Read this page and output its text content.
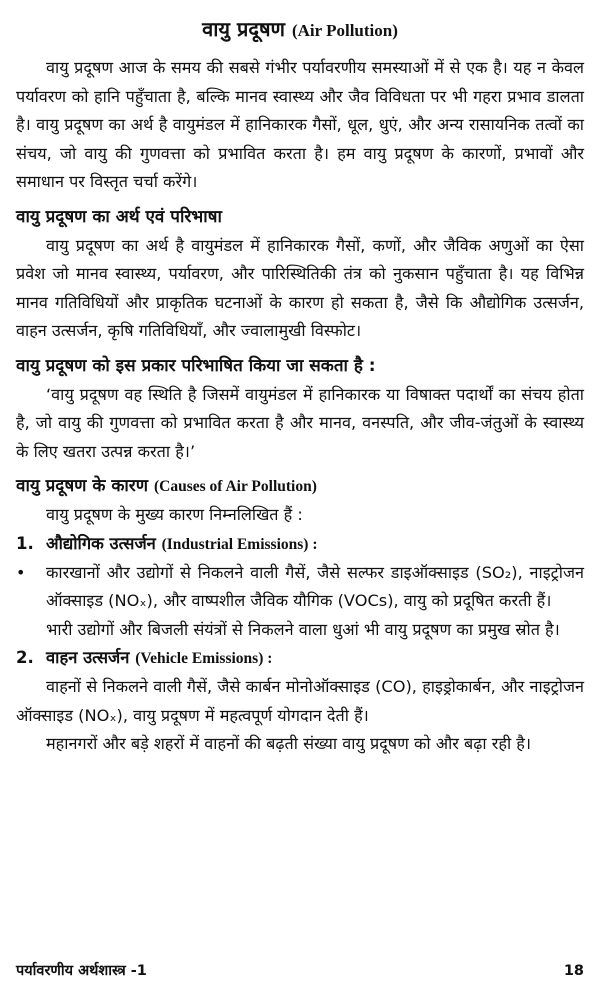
वायु प्रदूषण (Air Pollution)

वायु प्रदूषण आज के समय की सबसे गंभीर पर्यावरणीय समस्याओं में से एक है। यह न केवल पर्यावरण को हानि पहुँचाता है, बल्कि मानव स्वास्थ्य और जैव विविधता पर भी गहरा प्रभाव डालता है। वायु प्रदूषण का अर्थ है वायुमंडल में हानिकारक गैसों, धूल, धुएं, और अन्य रासायनिक तत्वों का संचय, जो वायु की गुणवत्ता को प्रभावित करता है। हम वायु प्रदूषण के कारणों, प्रभावों और समाधान पर विस्तृत चर्चा करेंगे।

वायु प्रदूषण का अर्थ एवं परिभाषा

वायु प्रदूषण का अर्थ है वायुमंडल में हानिकारक गैसों, कणों, और जैविक अणुओं का ऐसा प्रवेश जो मानव स्वास्थ्य, पर्यावरण, और पारिस्थितिकी तंत्र को नुकसान पहुँचाता है। यह विभिन्न मानव गतिविधियों और प्राकृतिक घटनाओं के कारण हो सकता है, जैसे कि औद्योगिक उत्सर्जन, वाहन उत्सर्जन, कृषि गतिविधियाँ, और ज्वालामुखी विस्फोट।

वायु प्रदूषण को इस प्रकार परिभाषित किया जा सकता है :

‘वायु प्रदूषण वह स्थिति है जिसमें वायुमंडल में हानिकारक या विषाक्त पदार्थों का संचय होता है, जो वायु की गुणवत्ता को प्रभावित करता है और मानव, वनस्पति, और जीव-जंतुओं के स्वास्थ्य के लिए खतरा उत्पन्न करता है।’

वायु प्रदूषण के कारण (Causes of Air Pollution)

वायु प्रदूषण के मुख्य कारण निम्नलिखित हैं :

1. औद्योगिक उत्सर्जन (Industrial Emissions) :
•	कारखानों और उद्योगों से निकलने वाली गैसें, जैसे सल्फर डाइऑक्साइड (SO₂), नाइट्रोजन ऑक्साइड (NOₓ), और वाष्पशील जैविक यौगिक (VOCs), वायु को प्रदूषित करती हैं।

भारी उद्योगों और बिजली संयंत्रों से निकलने वाला धुआं भी वायु प्रदूषण का प्रमुख स्रोत है।

2. वाहन उत्सर्जन (Vehicle Emissions) :

वाहनों से निकलने वाली गैसें, जैसे कार्बन मोनोऑक्साइड (CO), हाइड्रोकार्बन, और नाइट्रोजन ऑक्साइड (NOₓ), वायु प्रदूषण में महत्वपूर्ण योगदान देती हैं।

महानगरों और बड़े शहरों में वाहनों की बढ़ती संख्या वायु प्रदूषण को और बढ़ा रही है।

पर्यावरणीय अर्थशास्त्र -1	18
